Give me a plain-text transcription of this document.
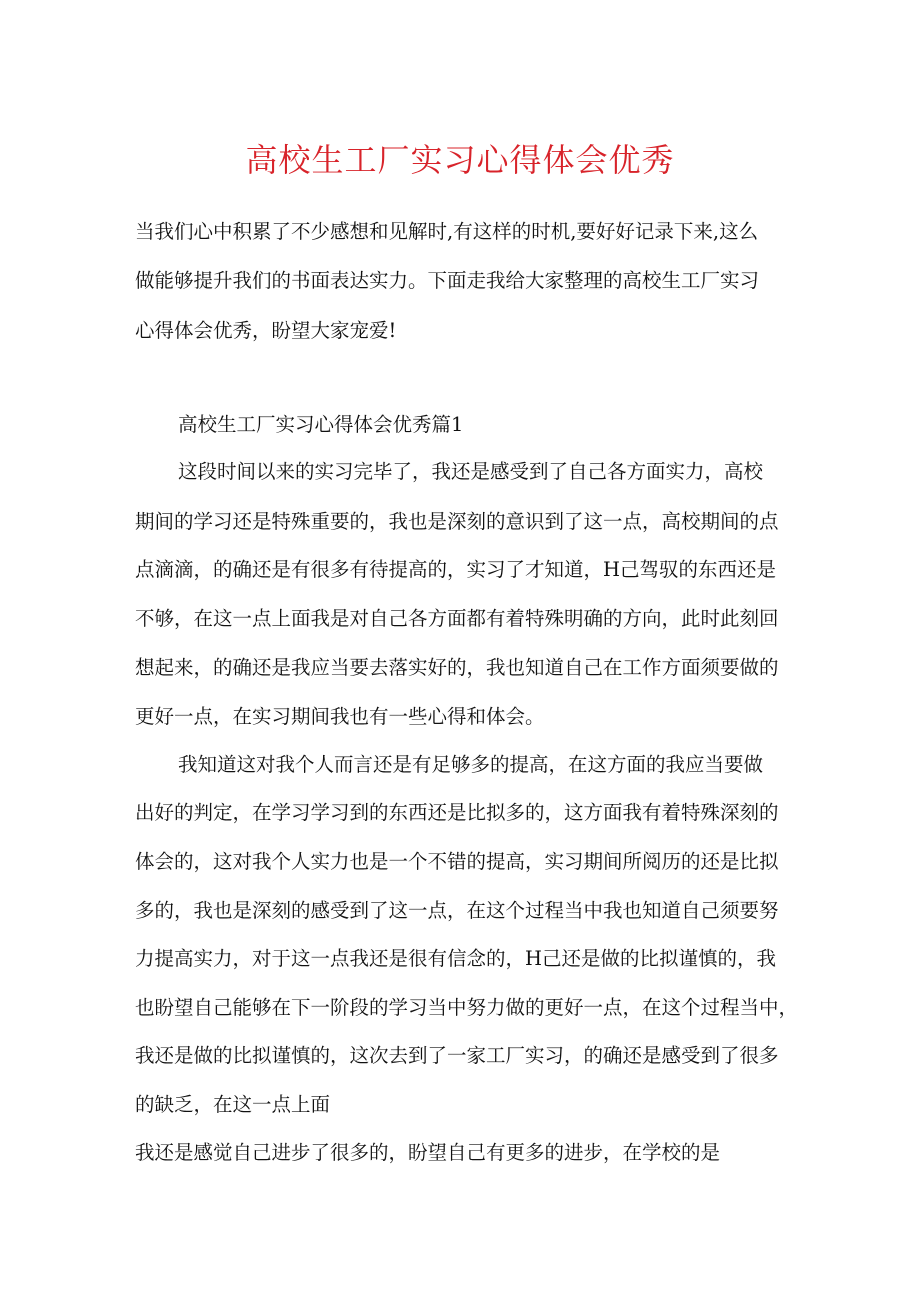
高校生工厂实习心得体会优秀
当我们心中积累了不少感想和见解时,有这样的时机,要好好记录下来,这么
做能够提升我们的书面表达实力。下面走我给大家整理的高校生工厂实习
心得体会优秀，盼望大家宠爱!
高校生工厂实习心得体会优秀篇1
这段时间以来的实习完毕了，我还是感受到了自己各方面实力，高校
期间的学习还是特殊重要的，我也是深刻的意识到了这一点，高校期间的点
点滴滴，的确还是有很多有待提高的，实习了才知道，H己驾驭的东西还是
不够，在这一点上面我是对自己各方面都有着特殊明确的方向，此时此刻回
想起来，的确还是我应当要去落实好的，我也知道自己在工作方面须要做的
更好一点，在实习期间我也有一些心得和体会。
我知道这对我个人而言还是有足够多的提高，在这方面的我应当要做
出好的判定，在学习学习到的东西还是比拟多的，这方面我有着特殊深刻的
体会的，这对我个人实力也是一个不错的提高，实习期间所阅历的还是比拟
多的，我也是深刻的感受到了这一点，在这个过程当中我也知道自己须要努
力提高实力，对于这一点我还是很有信念的，H己还是做的比拟谨慎的，我
也盼望自己能够在下一阶段的学习当中努力做的更好一点，在这个过程当中，
我还是做的比拟谨慎的，这次去到了一家工厂实习，的确还是感受到了很多
的缺乏，在这一点上面
我还是感觉自己进步了很多的，盼望自己有更多的进步，在学校的是
